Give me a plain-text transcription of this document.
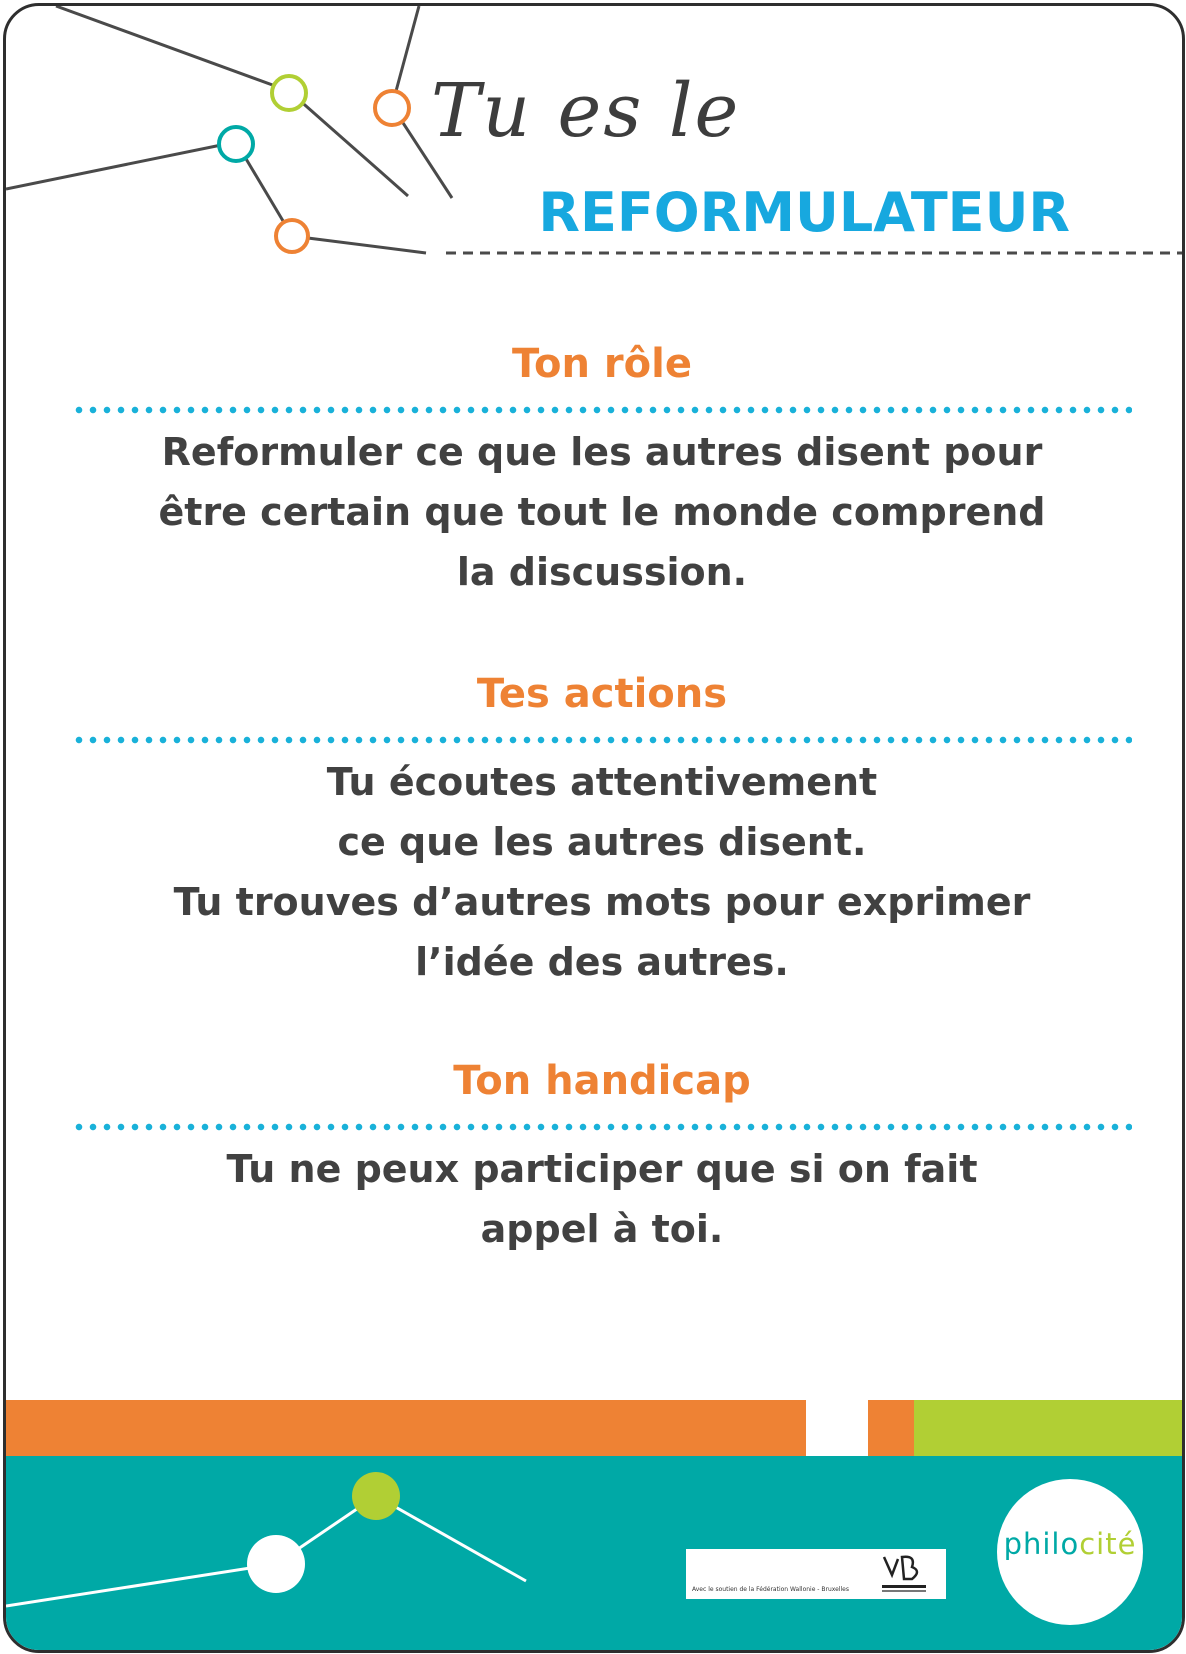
Tu es le

REFORMULATEUR
Ton rôle

Reformuler ce que les autres disent pour
être certain que tout le monde comprend
la discussion.

Tes actions

Tu écoutes attentivement
ce que les autres disent.
Tu trouves d’autres mots pour exprimer
l’idée des autres.

Ton handicap

Tu ne peux participer que si on fait
appel à toi.

Avec le soutien de la Fédération Wallonie - Bruxelles
philocité
